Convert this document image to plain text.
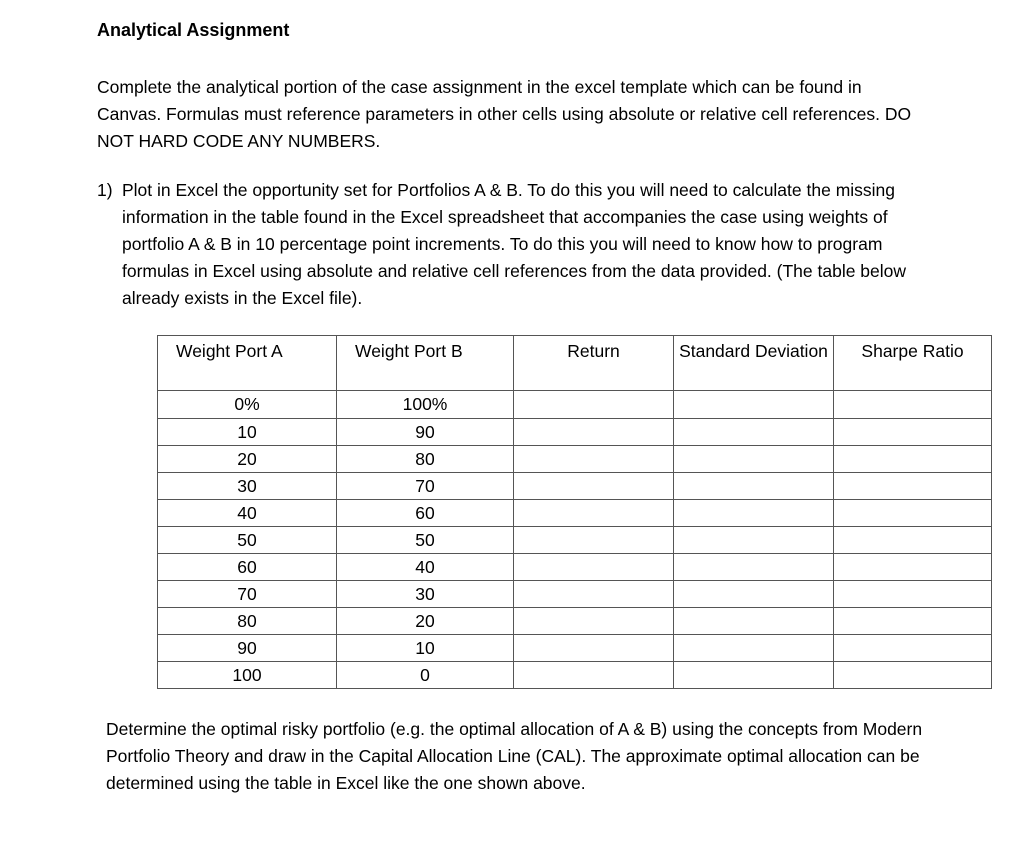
Analytical Assignment
Complete the analytical portion of the case assignment in the excel template which can be found in Canvas. Formulas must reference parameters in other cells using absolute or relative cell references. DO NOT HARD CODE ANY NUMBERS.
1) Plot in Excel the opportunity set for Portfolios A & B. To do this you will need to calculate the missing information in the table found in the Excel spreadsheet that accompanies the case using weights of portfolio A & B in 10 percentage point increments. To do this you will need to know how to program formulas in Excel using absolute and relative cell references from the data provided. (The table below already exists in the Excel file).
Weight Port A	Weight Port B	Return	Standard Deviation	Sharpe Ratio
0%	100%			
10	90			
20	80			
30	70			
40	60			
50	50			
60	40			
70	30			
80	20			
90	10			
100	0			
Determine the optimal risky portfolio (e.g. the optimal allocation of A & B) using the concepts from Modern Portfolio Theory and draw in the Capital Allocation Line (CAL). The approximate optimal allocation can be determined using the table in Excel like the one shown above.
